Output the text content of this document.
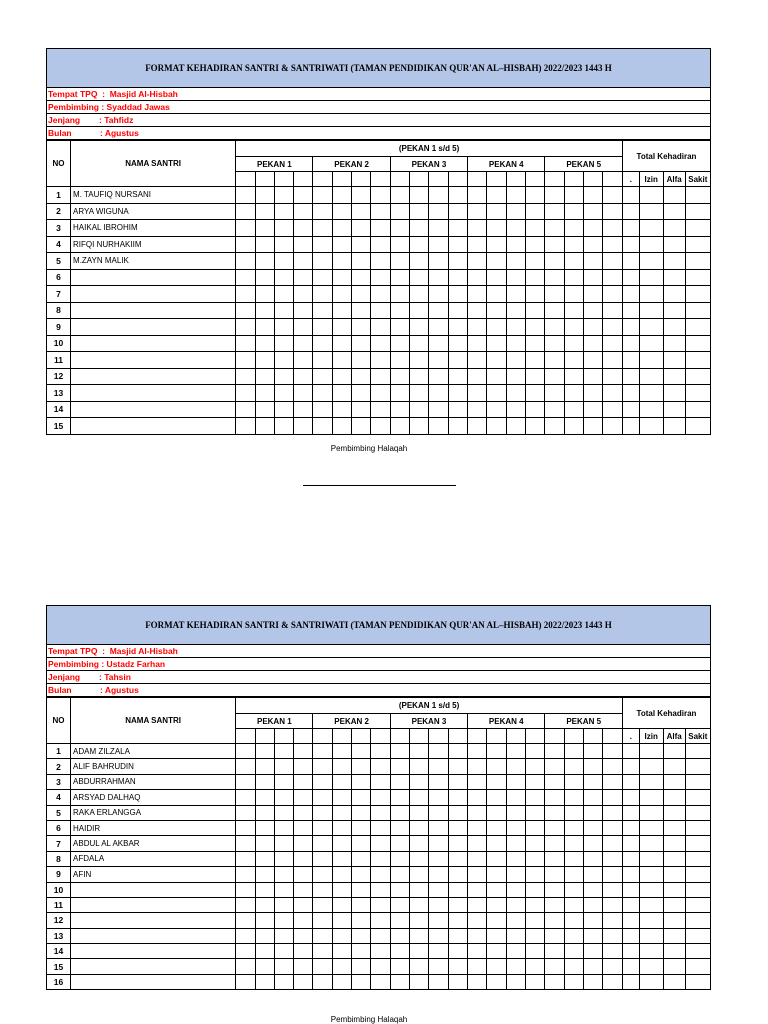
FORMAT KEHADIRAN SANTRI & SANTRIWATI (TAMAN PENDIDIKAN QUR'AN AL–HISBAH) 2022/2023 1443 H
Tempat TPQ  :  Masjid Al-Hisbah
Pembimbing : Syaddad Jawas
Jenjang        : Tahfidz
Bulan            : Agustus
NO	NAMA SANTRI	(PEKAN 1 s/d 5)																				Total Kehadiran			
		PEKAN 1				PEKAN 2				PEKAN 3				PEKAN 4				PEKAN 5							
																						.	Izin	Alfa	Sakit
1	M. TAUFIQ NURSANI																								
2	ARYA WIGUNA																								
3	HAIKAL IBROHIM																								
4	RIFQI NURHAKIIM																								
5	M.ZAYN MALIK																								
6																									
7																									
8																									
9																									
10																									
11																									
12																									
13																									
14																									
15																									
Pembimbing Halaqah
FORMAT KEHADIRAN SANTRI & SANTRIWATI (TAMAN PENDIDIKAN QUR'AN AL–HISBAH) 2022/2023 1443 H
Tempat TPQ  :  Masjid Al-Hisbah
Pembimbing : Ustadz Farhan
Jenjang        : Tahsin
Bulan            : Agustus
NO	NAMA SANTRI	(PEKAN 1 s/d 5)																				Total Kehadiran			
		PEKAN 1				PEKAN 2				PEKAN 3				PEKAN 4				PEKAN 5							
																						.	Izin	Alfa	Sakit
1	ADAM ZILZALA																								
2	ALIF BAHRUDIN																								
3	ABDURRAHMAN																								
4	ARSYAD DALHAQ																								
5	RAKA ERLANGGA																								
6	HAIDIR																								
7	ABDUL AL AKBAR																								
8	AFDALA																								
9	AFIN																								
10																									
11																									
12																									
13																									
14																									
15																									
16																									
Pembimbing Halaqah
